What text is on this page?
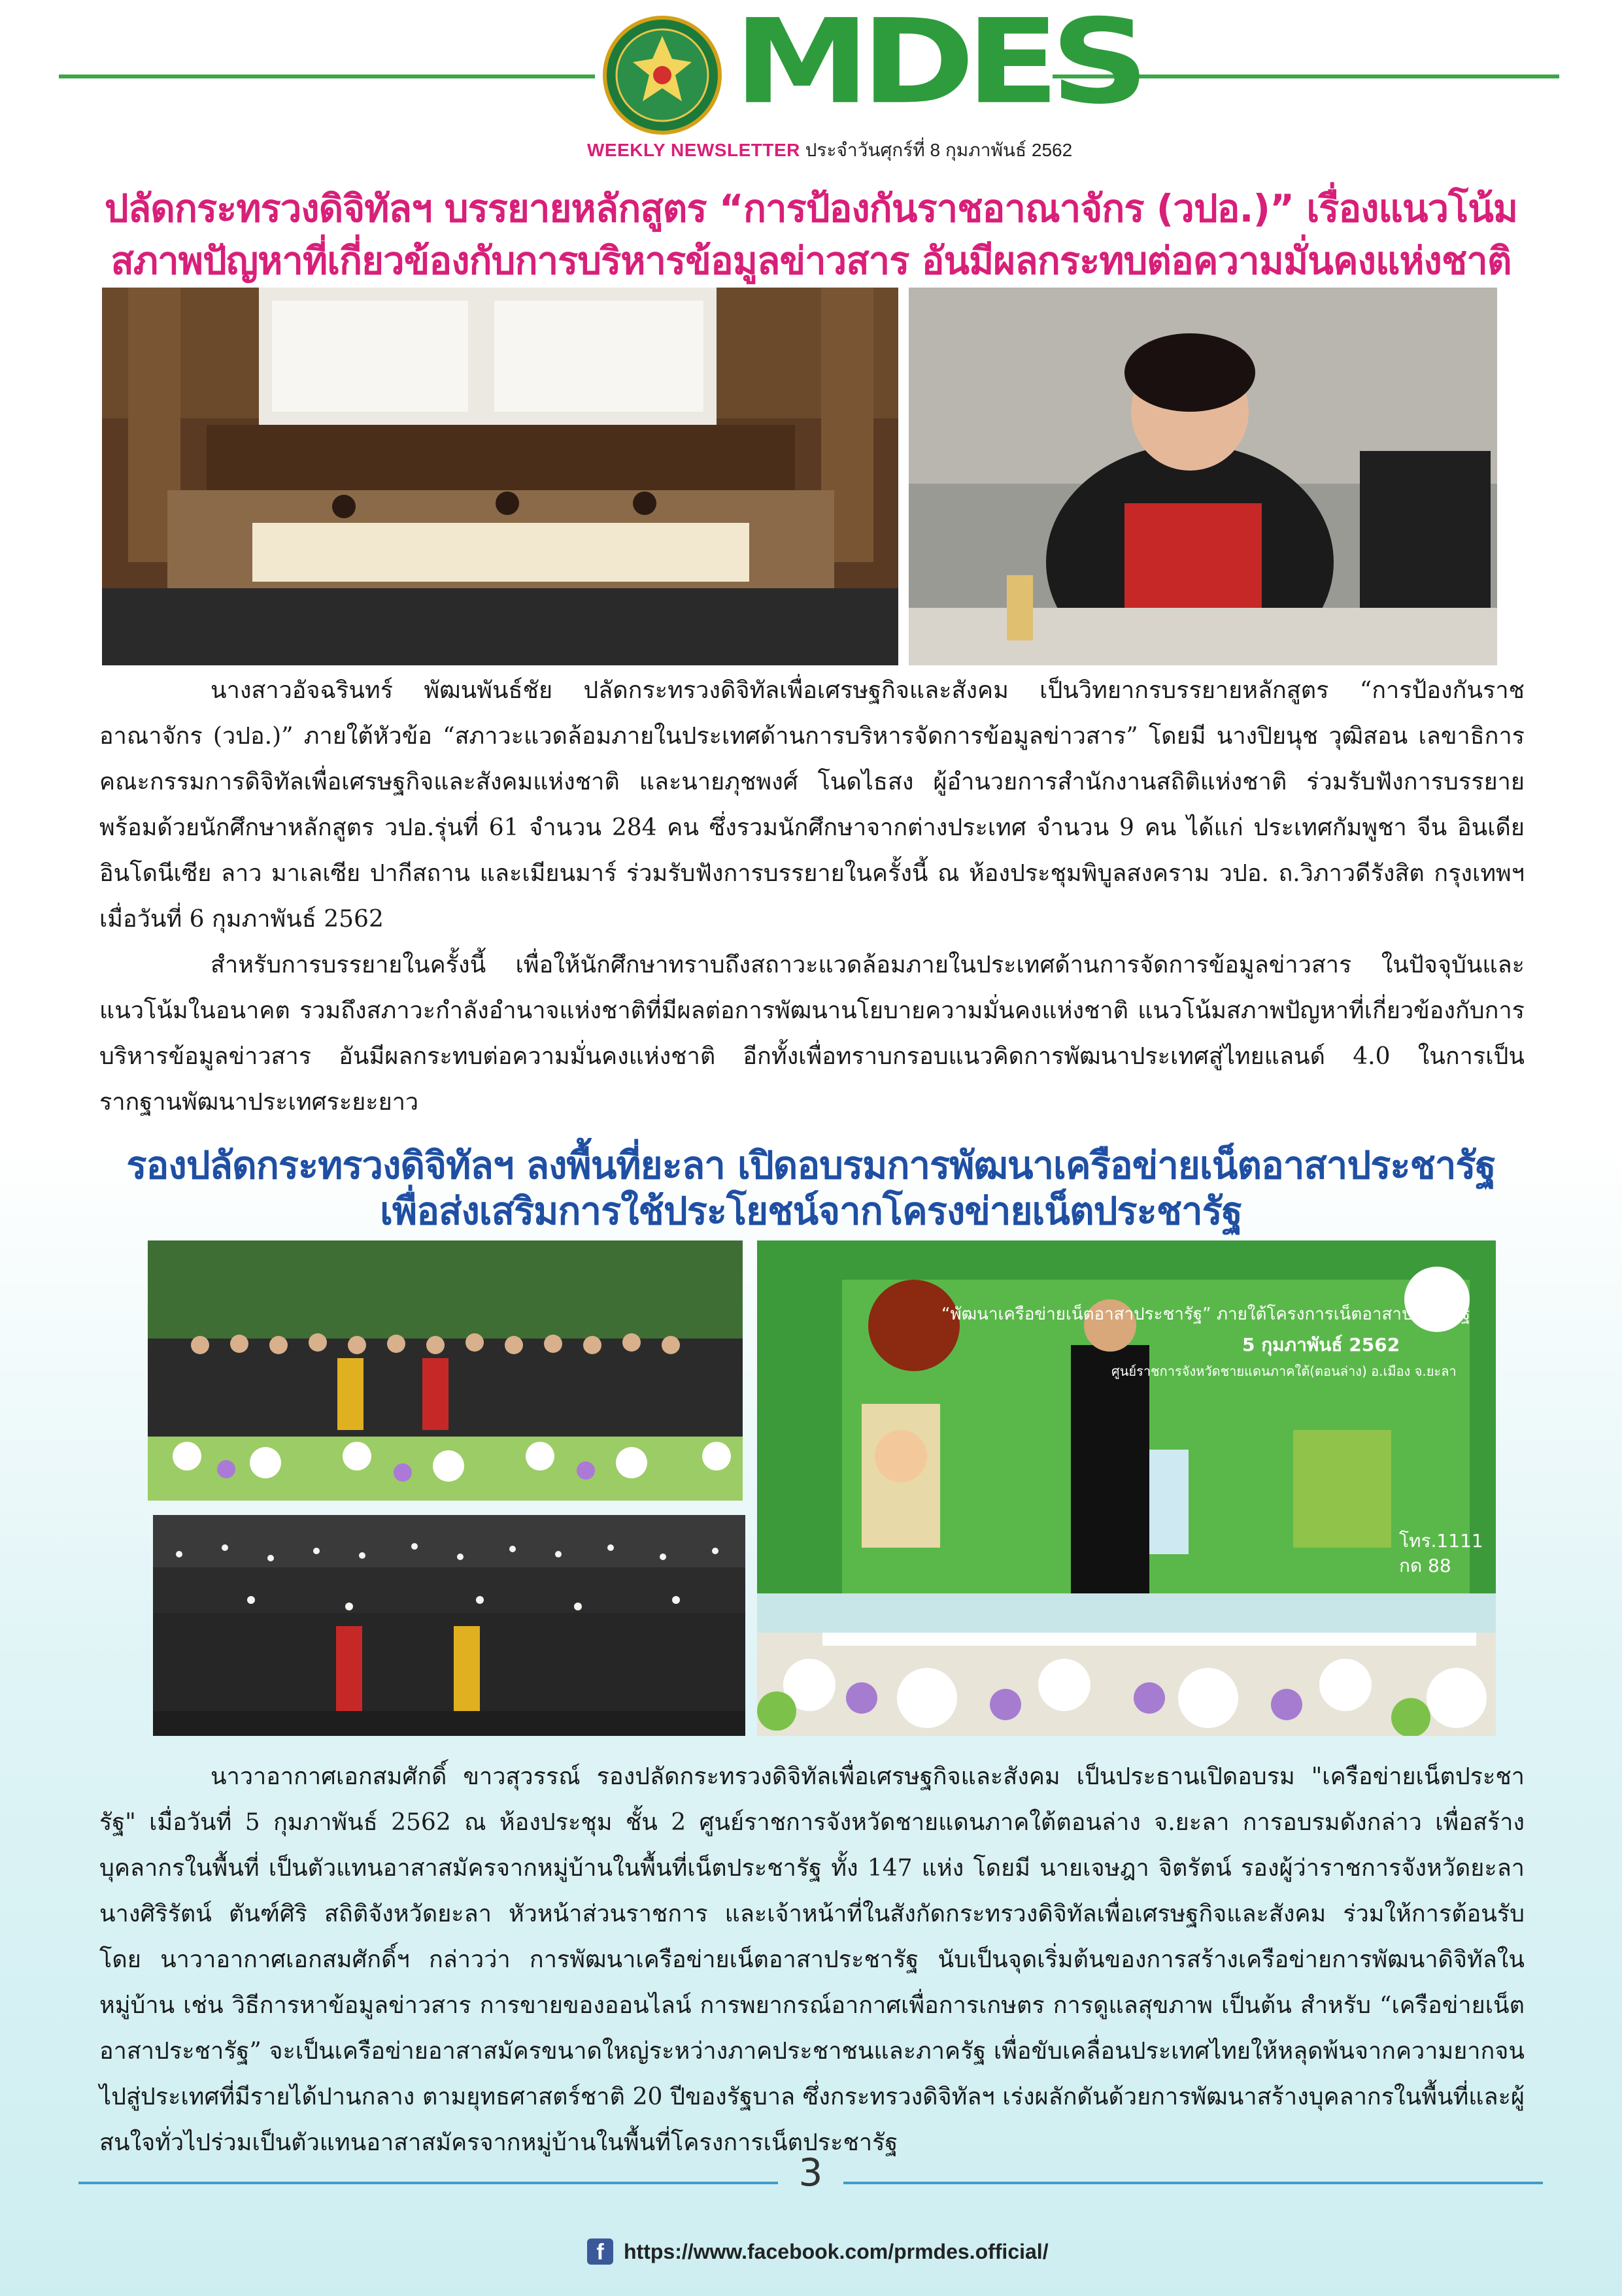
MDES
WEEKLY NEWSLETTER ประจำวันศุกร์ที่ 8 กุมภาพันธ์ 2562
ปลัดกระทรวงดิจิทัลฯ บรรยายหลักสูตร “การป้องกันราชอาณาจักร (วปอ.)” เรื่องแนวโน้ม
สภาพปัญหาที่เกี่ยวข้องกับการบริหารข้อมูลข่าวสาร อันมีผลกระทบต่อความมั่นคงแห่งชาติ
นางสาวอัจฉรินทร์ พัฒนพันธ์ชัย ปลัดกระทรวงดิจิทัลเพื่อเศรษฐกิจและสังคม เป็นวิทยากรบรรยายหลักสูตร “การป้องกันราชอาณาจักร (วปอ.)” ภายใต้หัวข้อ “สภาวะแวดล้อมภายในประเทศด้านการบริหารจัดการข้อมูลข่าวสาร” โดยมี นางปิยนุช วุฒิสอน เลขาธิการคณะกรรมการดิจิทัลเพื่อเศรษฐกิจและสังคมแห่งชาติ และนายภุชพงศ์ โนดไธสง ผู้อำนวยการสำนักงานสถิติแห่งชาติ ร่วมรับฟังการบรรยาย พร้อมด้วยนักศึกษาหลักสูตร วปอ.รุ่นที่ 61 จำนวน 284 คน ซึ่งรวมนักศึกษาจากต่างประเทศ จำนวน 9 คน ได้แก่ ประเทศกัมพูชา จีน อินเดีย อินโดนีเซีย ลาว มาเลเซีย ปากีสถาน และเมียนมาร์ ร่วมรับฟังการบรรยายในครั้งนี้ ณ ห้องประชุมพิบูลสงคราม วปอ. ถ.วิภาวดีรังสิต กรุงเทพฯ เมื่อวันที่ 6 กุมภาพันธ์ 2562
สำหรับการบรรยายในครั้งนี้ เพื่อให้นักศึกษาทราบถึงสถาวะแวดล้อมภายในประเทศด้านการจัดการข้อมูลข่าวสาร ในปัจจุบันและแนวโน้มในอนาคต รวมถึงสภาวะกำลังอำนาจแห่งชาติที่มีผลต่อการพัฒนานโยบายความมั่นคงแห่งชาติ แนวโน้มสภาพปัญหาที่เกี่ยวข้องกับการบริหารข้อมูลข่าวสาร อันมีผลกระทบต่อความมั่นคงแห่งชาติ อีกทั้งเพื่อทราบกรอบแนวคิดการพัฒนาประเทศสู่ไทยแลนด์ 4.0 ในการเป็นรากฐานพัฒนาประเทศระยะยาว
รองปลัดกระทรวงดิจิทัลฯ ลงพื้นที่ยะลา เปิดอบรมการพัฒนาเครือข่ายเน็ตอาสาประชารัฐ
เพื่อส่งเสริมการใช้ประโยชน์จากโครงข่ายเน็ตประชารัฐ
“พัฒนาเครือข่ายเน็ตอาสาประชารัฐ” ภายใต้โครงการเน็ตอาสาประชารัฐ
5 กุมภาพันธ์ 2562
ศูนย์ราชการจังหวัดชายแดนภาคใต้(ตอนล่าง) อ.เมือง จ.ยะลา
โทร.1111
กด 88
นาวาอากาศเอกสมศักดิ์ ขาวสุวรรณ์ รองปลัดกระทรวงดิจิทัลเพื่อเศรษฐกิจและสังคม เป็นประธานเปิดอบรม "เครือข่ายเน็ตประชารัฐ" เมื่อวันที่ 5 กุมภาพันธ์ 2562 ณ ห้องประชุม ชั้น 2 ศูนย์ราชการจังหวัดชายแดนภาคใต้ตอนล่าง จ.ยะลา การอบรมดังกล่าว เพื่อสร้างบุคลากรในพื้นที่ เป็นตัวแทนอาสาสมัครจากหมู่บ้านในพื้นที่เน็ตประชารัฐ ทั้ง 147 แห่ง โดยมี นายเจษฎา จิตรัตน์ รองผู้ว่าราชการจังหวัดยะลา นางศิริรัตน์ ตันฑ์ศิริ สถิติจังหวัดยะลา หัวหน้าส่วนราชการ และเจ้าหน้าที่ในสังกัดกระทรวงดิจิทัลเพื่อเศรษฐกิจและสังคม ร่วมให้การต้อนรับ โดย นาวาอากาศเอกสมศักดิ์ฯ กล่าวว่า การพัฒนาเครือข่ายเน็ตอาสาประชารัฐ นับเป็นจุดเริ่มต้นของการสร้างเครือข่ายการพัฒนาดิจิทัลในหมู่บ้าน เช่น วิธีการหาข้อมูลข่าวสาร การขายของออนไลน์ การพยากรณ์อากาศเพื่อการเกษตร การดูแลสุขภาพ เป็นต้น สำหรับ “เครือข่ายเน็ตอาสาประชารัฐ” จะเป็นเครือข่ายอาสาสมัครขนาดใหญ่ระหว่างภาคประชาชนและภาครัฐ เพื่อขับเคลื่อนประเทศไทยให้หลุดพ้นจากความยากจนไปสู่ประเทศที่มีรายได้ปานกลาง ตามยุทธศาสตร์ชาติ 20 ปีของรัฐบาล ซึ่งกระทรวงดิจิทัลฯ เร่งผลักดันด้วยการพัฒนาสร้างบุคลากรในพื้นที่และผู้สนใจทั่วไปร่วมเป็นตัวแทนอาสาสมัครจากหมู่บ้านในพื้นที่โครงการเน็ตประชารัฐ
3
f https://www.facebook.com/prmdes.official/
